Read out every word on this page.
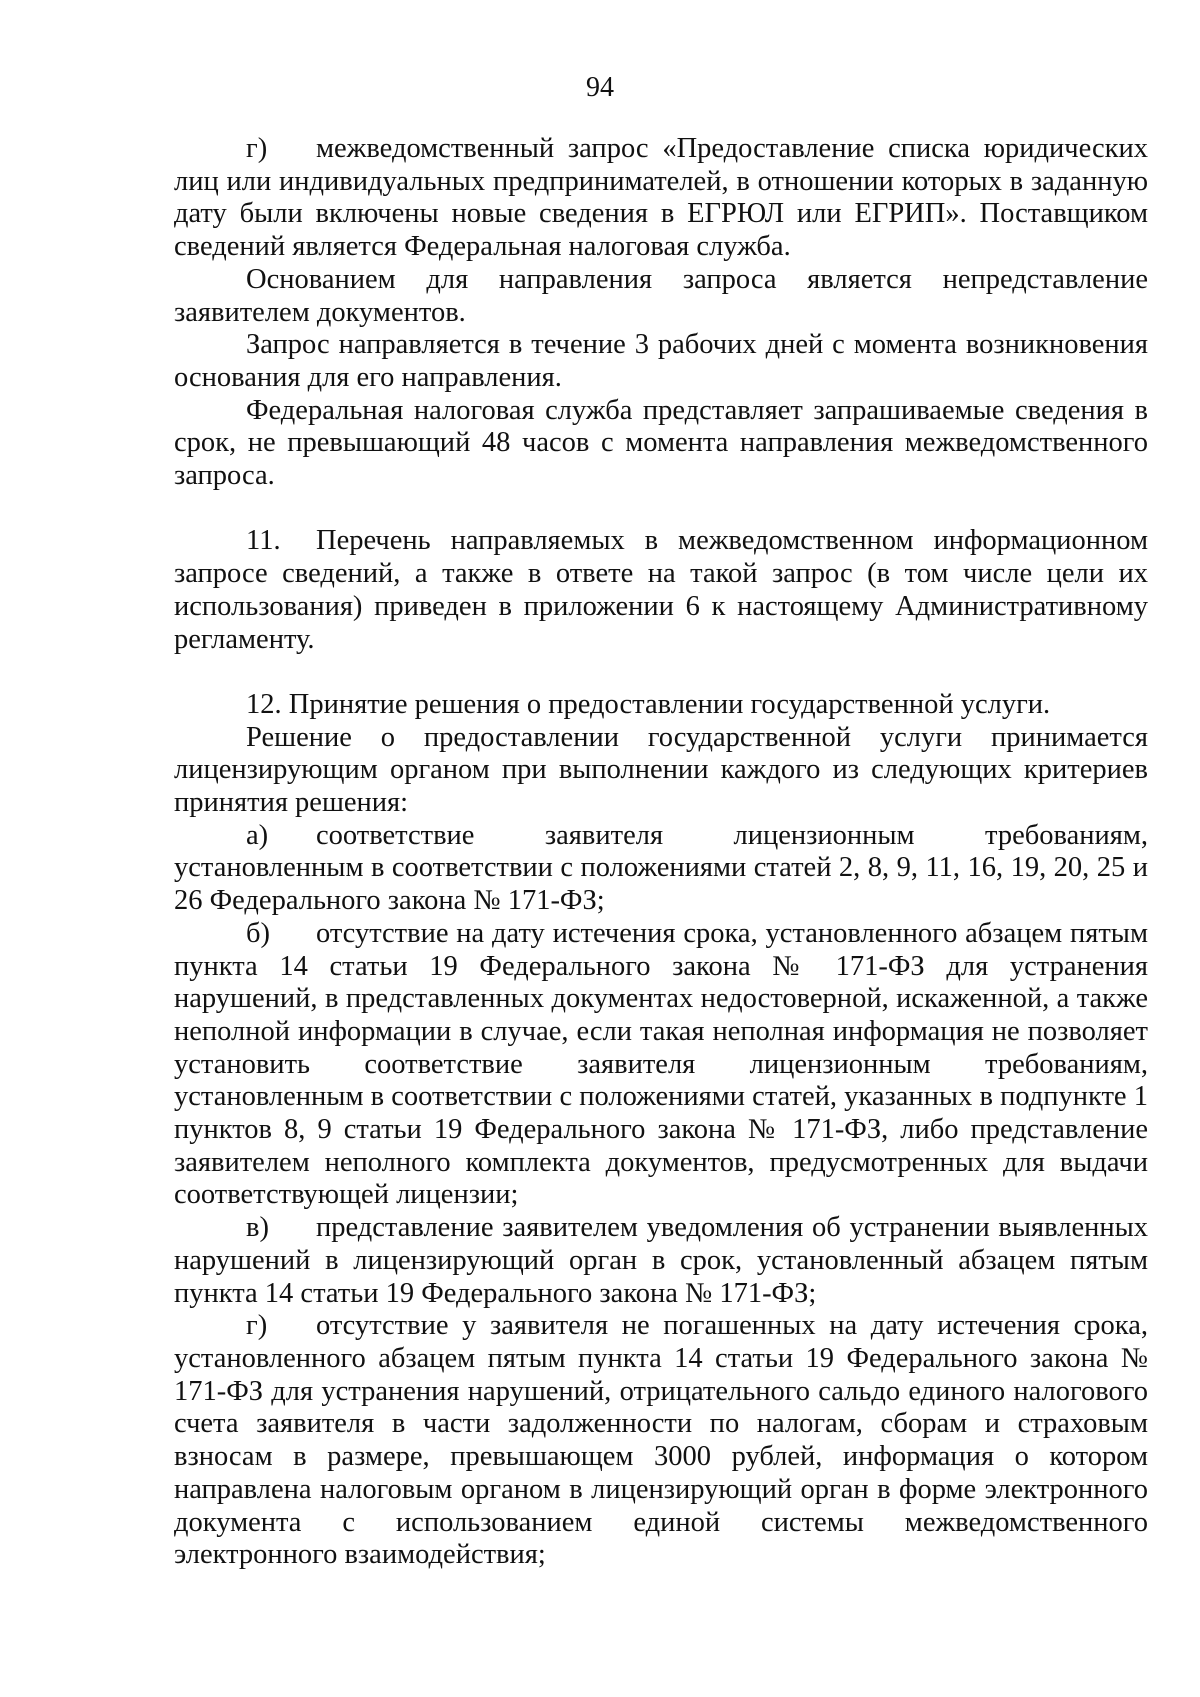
94

г) межведомственный запрос «Предоставление списка юридических лиц или индивидуальных предпринимателей, в отношении которых в заданную дату были включены новые сведения в ЕГРЮЛ или ЕГРИП». Поставщиком сведений является Федеральная налоговая служба.

Основанием для направления запроса является непредставление заявителем документов.

Запрос направляется в течение 3 рабочих дней с момента возникновения основания для его направления.

Федеральная налоговая служба представляет запрашиваемые сведения в срок, не превышающий 48 часов с момента направления межведомственного запроса.

11. Перечень направляемых в межведомственном информационном запросе сведений, а также в ответе на такой запрос (в том числе цели их использования) приведен в приложении 6 к настоящему Административному регламенту.

12. Принятие решения о предоставлении государственной услуги.

Решение о предоставлении государственной услуги принимается лицензирующим органом при выполнении каждого из следующих критериев принятия решения:

а) соответствие заявителя лицензионным требованиям, установленным в соответствии с положениями статей 2, 8, 9, 11, 16, 19, 20, 25 и 26 Федерального закона № 171-ФЗ;

б) отсутствие на дату истечения срока, установленного абзацем пятым пункта 14 статьи 19 Федерального закона № 171-ФЗ для устранения нарушений, в представленных документах недостоверной, искаженной, а также неполной информации в случае, если такая неполная информация не позволяет установить соответствие заявителя лицензионным требованиям, установленным в соответствии с положениями статей, указанных в подпункте 1 пунктов 8, 9 статьи 19 Федерального закона № 171-ФЗ, либо представление заявителем неполного комплекта документов, предусмотренных для выдачи соответствующей лицензии;

в) представление заявителем уведомления об устранении выявленных нарушений в лицензирующий орган в срок, установленный абзацем пятым пункта 14 статьи 19 Федерального закона № 171-ФЗ;

г) отсутствие у заявителя не погашенных на дату истечения срока, установленного абзацем пятым пункта 14 статьи 19 Федерального закона № 171-ФЗ для устранения нарушений, отрицательного сальдо единого налогового счета заявителя в части задолженности по налогам, сборам и страховым взносам в размере, превышающем 3000 рублей, информация о котором направлена налоговым органом в лицензирующий орган в форме электронного документа с использованием единой системы межведомственного электронного взаимодействия;
